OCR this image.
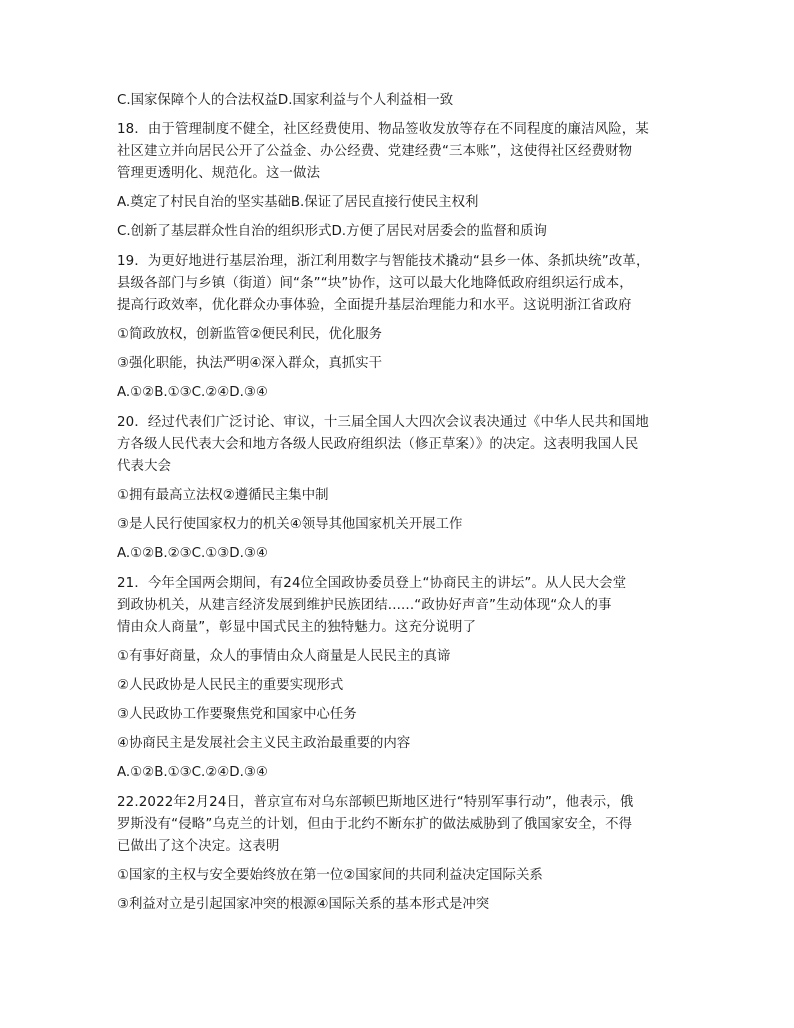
C.国家保障个人的合法权益D.国家利益与个人利益相一致
18．由于管理制度不健全，社区经费使用、物品签收发放等存在不同程度的廉洁风险，某
社区建立并向居民公开了公益金、办公经费、党建经费“三本账”，这使得社区经费财物
管理更透明化、规范化。这一做法
A.奠定了村民自治的坚实基础B.保证了居民直接行使民主权利
C.创新了基层群众性自治的组织形式D.方便了居民对居委会的监督和质询
19．为更好地进行基层治理，浙江利用数字与智能技术撬动“县乡一体、条抓块统”改革，
县级各部门与乡镇（街道）间“条”“块”协作，这可以最大化地降低政府组织运行成本，
提高行政效率，优化群众办事体验，全面提升基层治理能力和水平。这说明浙江省政府
①简政放权，创新监管②便民利民，优化服务
③强化职能，执法严明④深入群众，真抓实干
A.①②B.①③C.②④D.③④
20．经过代表们广泛讨论、审议，十三届全国人大四次会议表决通过《中华人民共和国地
方各级人民代表大会和地方各级人民政府组织法（修正草案）》的决定。这表明我国人民
代表大会
①拥有最高立法权②遵循民主集中制
③是人民行使国家权力的机关④领导其他国家机关开展工作
A.①②B.②③C.①③D.③④
21．今年全国两会期间，有24位全国政协委员登上“协商民主的讲坛”。从人民大会堂
到政协机关，从建言经济发展到维护民族团结......“政协好声音”生动体现“众人的事
情由众人商量”，彰显中国式民主的独特魅力。这充分说明了
①有事好商量，众人的事情由众人商量是人民民主的真谛
②人民政协是人民民主的重要实现形式
③人民政协工作要聚焦党和国家中心任务
④协商民主是发展社会主义民主政治最重要的内容
A.①②B.①③C.②④D.③④
22.2022年2月24日，普京宣布对乌东部顿巴斯地区进行“特别军事行动”，他表示，俄
罗斯没有“侵略”乌克兰的计划，但由于北约不断东扩的做法威胁到了俄国家安全，不得
已做出了这个决定。这表明
①国家的主权与安全要始终放在第一位②国家间的共同利益决定国际关系
③利益对立是引起国家冲突的根源④国际关系的基本形式是冲突
